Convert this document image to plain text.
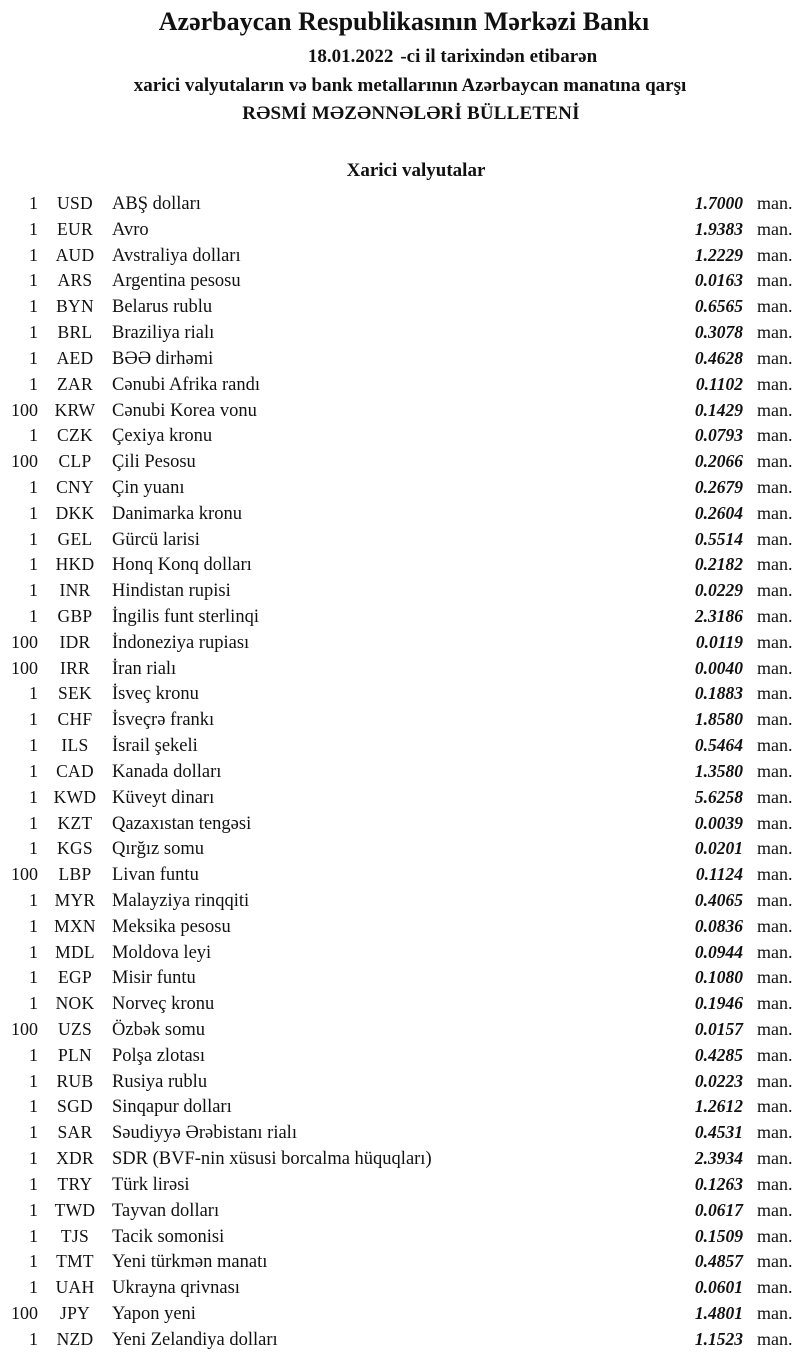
Azərbaycan Respublikasının Mərkəzi Bankı
18.01.2022 -ci il tarixindən etibarən
xarici valyutaların və bank metallarının Azərbaycan manatına qarşı
RƏSMİ MƏZƏNNƏLƏRİ BÜLLETENİ
Xarici valyutalar
1	USD	ABŞ dolları	1.7000 man.
1	EUR	Avro	1.9383 man.
1	AUD Avstraliya dolları	1.2229 man.
1	ARS	Argentina pesosu	0.0163 man.
1	BYN Belarus rublu	0.6565 man.
1	BRL	Braziliya rialı	0.3078 man.
1	AED	BƏƏ dirhəmi	0.4628 man.
1	ZAR	Cənubi Afrika randı	0.1102 man.
100 KRW Cənubi Korea vonu	0.1429 man.
1	CZK	Çexiya kronu	0.0793 man.
100	CLP	Çili Pesosu	0.2066 man.
1	CNY Çin yuanı	0.2679 man.
1	DKK Danimarka kronu	0.2604 man.
1	GEL	Gürcü larisi	0.5514 man.
1	HKD Honq Konq dolları	0.2182 man.
1	INR	Hindistan rupisi	0.0229 man.
1	GBP	İngilis funt sterlinqi	2.3186 man.
100	IDR	İndoneziya rupiası	0.0119 man.
100	IRR	İran rialı	0.0040 man.
1	SEK	İsveç kronu	0.1883 man.
1	CHF	İsveçrə frankı	1.8580 man.
1	ILS	İsrail şekeli	0.5464 man.
1	CAD Kanada dolları	1.3580 man.
1 KWD Küveyt dinarı	5.6258 man.
1	KZT	Qazaxıstan tengəsi	0.0039 man.
1	KGS	Qırğız somu	0.0201 man.
100	LBP	Livan funtu	0.1124 man.
1 MYR Malayziya rinqqiti	0.4065 man.
1 MXN Meksika pesosu	0.0836 man.
1 MDL Moldova leyi	0.0944 man.
1	EGP	Misir funtu	0.1080 man.
1	NOK Norveç kronu	0.1946 man.
100	UZS	Özbək somu	0.0157 man.
1	PLN	Polşa zlotası	0.4285 man.
1	RUB	Rusiya rublu	0.0223 man.
1	SGD	Sinqapur dolları	1.2612 man.
1	SAR	Səudiyyə Ərəbistanı rialı	0.4531 man.
1	XDR SDR (BVF-nin xüsusi borcalma hüquqları)	2.3934 man.
1	TRY	Türk lirəsi	0.1263 man.
1 TWD Tayvan dolları	0.0617 man.
1	TJS	Tacik somonisi	0.1509 man.
1	TMT Yeni türkmən manatı	0.4857 man.
1	UAH Ukrayna qrivnası	0.0601 man.
100	JPY	Yapon yeni	1.4801 man.
1	NZD	Yeni Zelandiya dolları	1.1523 man.
